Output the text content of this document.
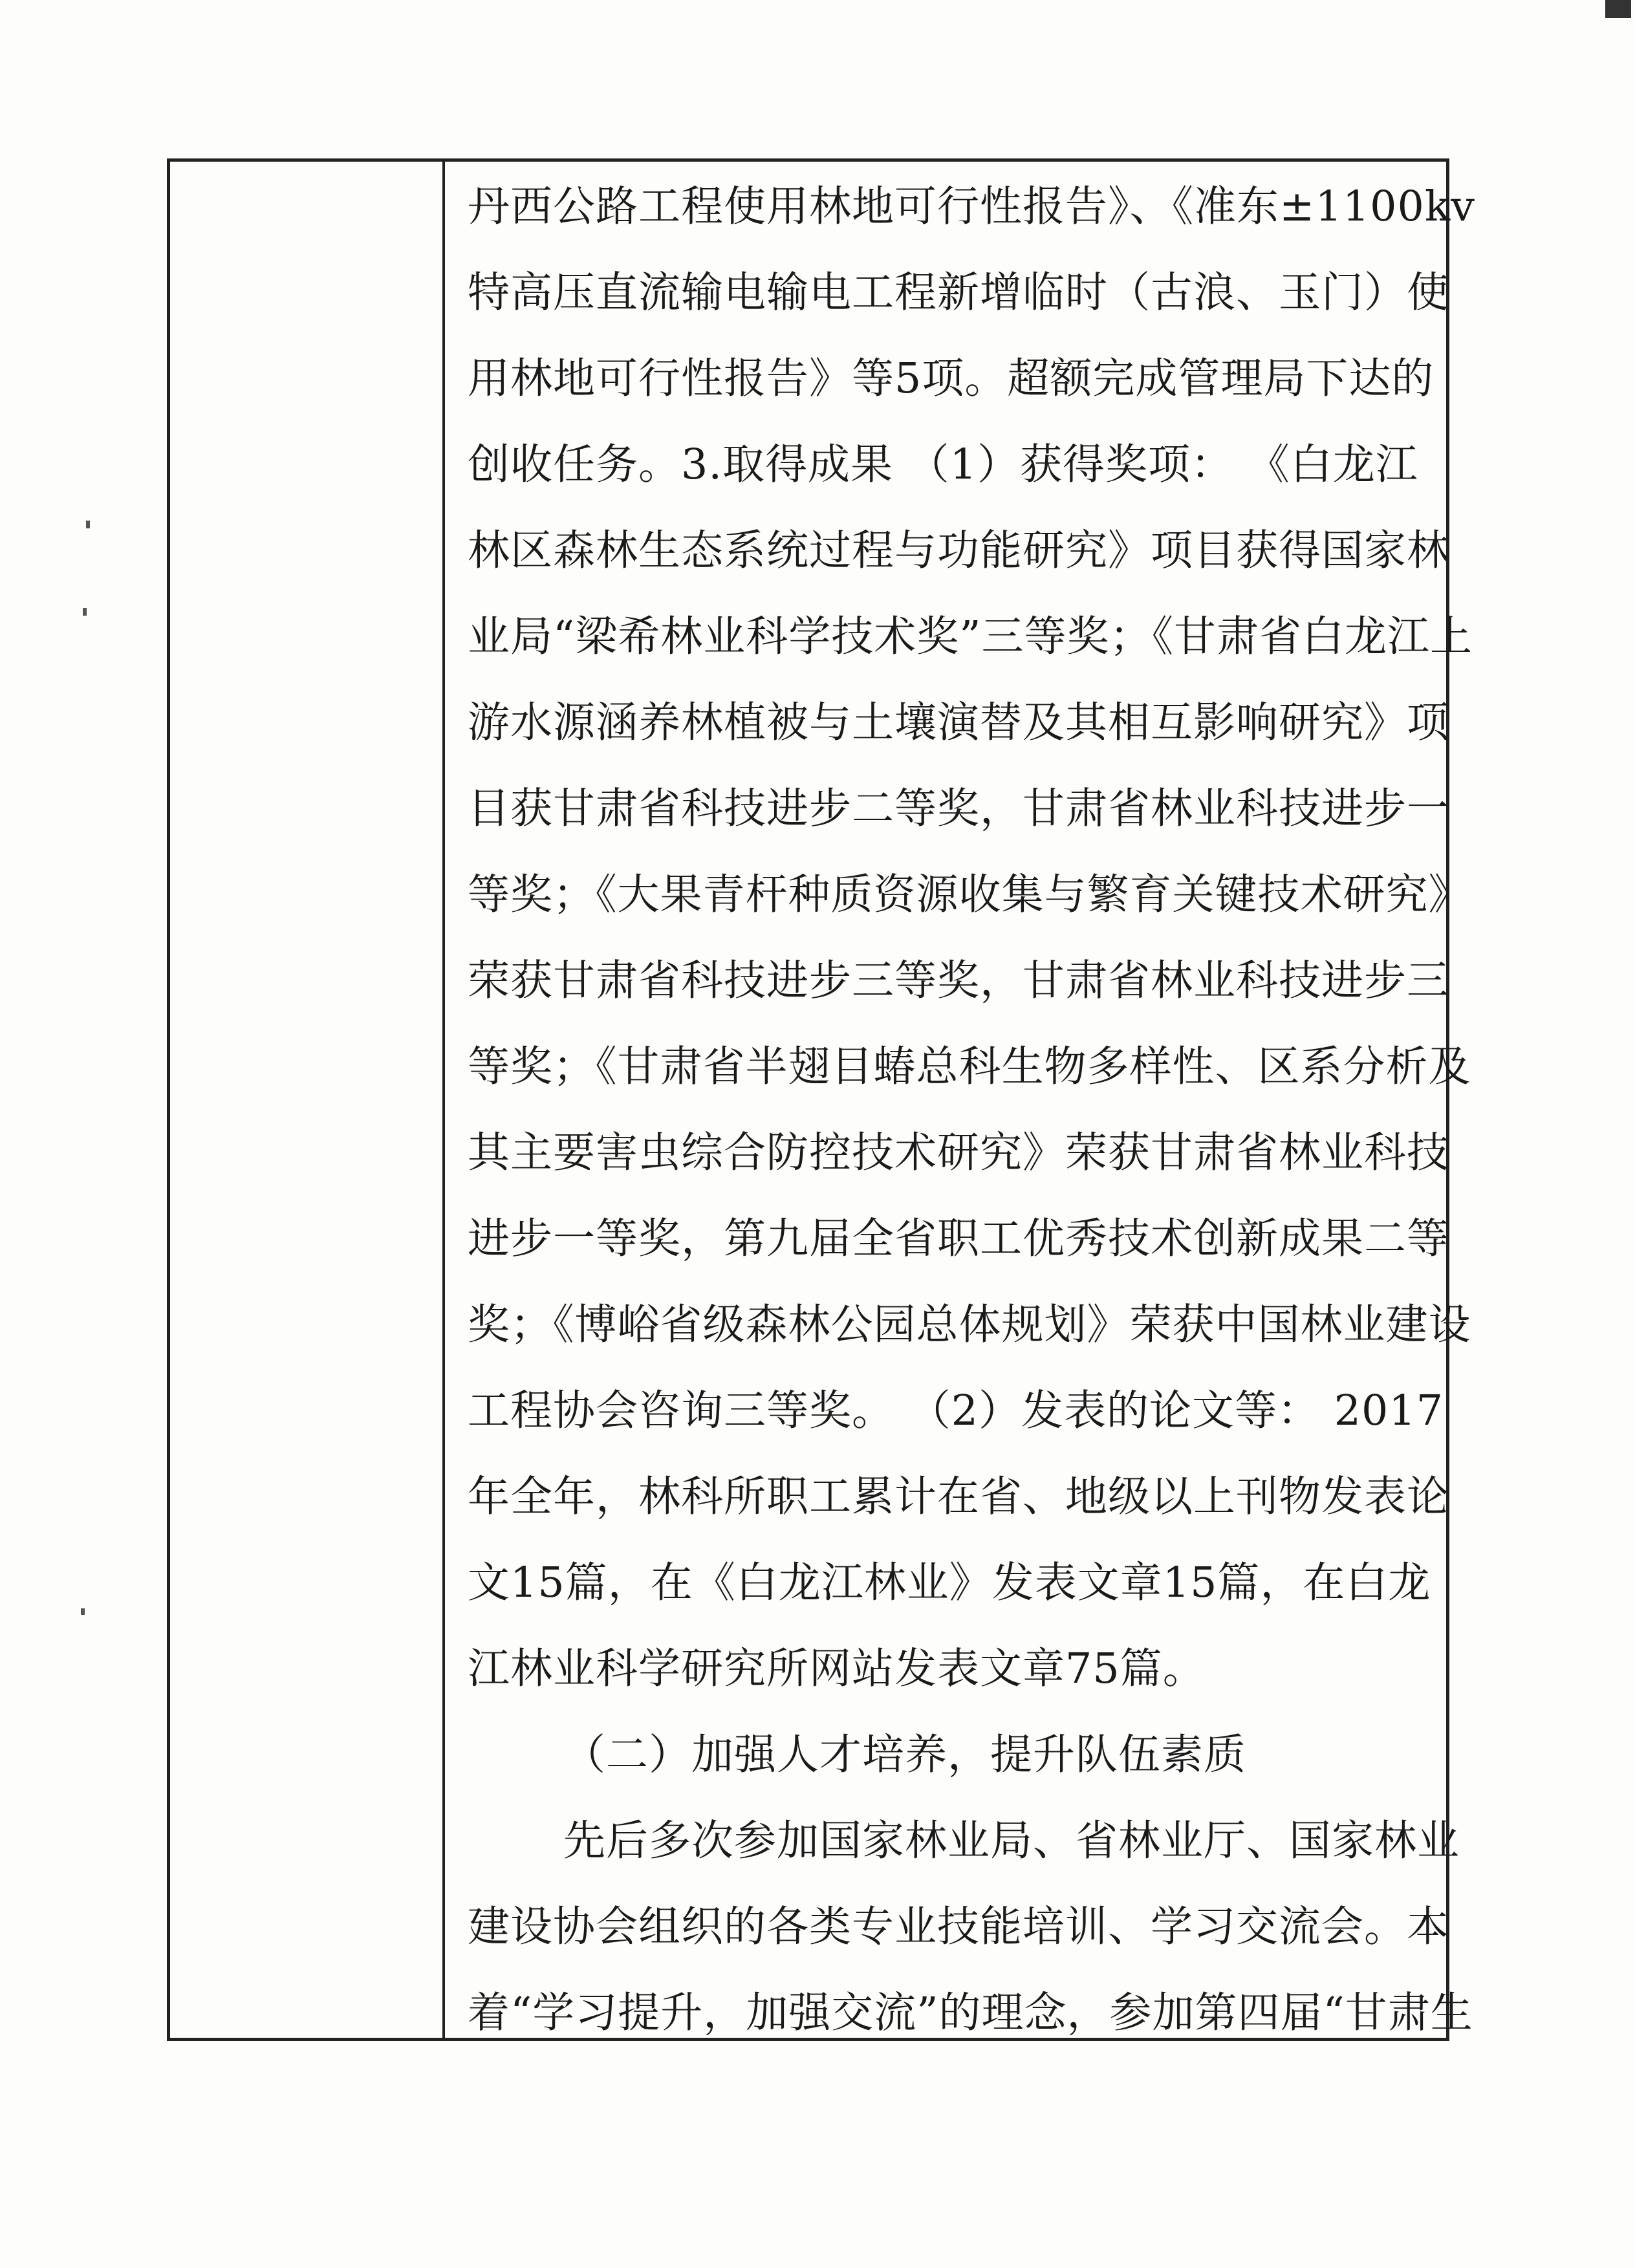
丹西公路工程使用林地可行性报告》、《准东±1100kv
特高压直流输电输电工程新增临时（古浪、玉门）使
用林地可行性报告》等5项。超额完成管理局下达的
创收任务。3.取得成果 （1）获得奖项： 《白龙江
林区森林生态系统过程与功能研究》项目获得国家林
业局“梁希林业科学技术奖”三等奖；《甘肃省白龙江上
游水源涵养林植被与土壤演替及其相互影响研究》项
目获甘肃省科技进步二等奖，甘肃省林业科技进步一
等奖；《大果青杆种质资源收集与繁育关键技术研究》
荣获甘肃省科技进步三等奖，甘肃省林业科技进步三
等奖；《甘肃省半翅目蝽总科生物多样性、区系分析及
其主要害虫综合防控技术研究》荣获甘肃省林业科技
进步一等奖，第九届全省职工优秀技术创新成果二等
奖；《博峪省级森林公园总体规划》荣获中国林业建设
工程协会咨询三等奖。 （2）发表的论文等： 2017
年全年，林科所职工累计在省、地级以上刊物发表论
文15篇，在《白龙江林业》发表文章15篇，在白龙
江林业科学研究所网站发表文章75篇。
（二）加强人才培养，提升队伍素质
先后多次参加国家林业局、省林业厅、国家林业
建设协会组织的各类专业技能培训、学习交流会。本
着“学习提升，加强交流”的理念，参加第四届“甘肃生
